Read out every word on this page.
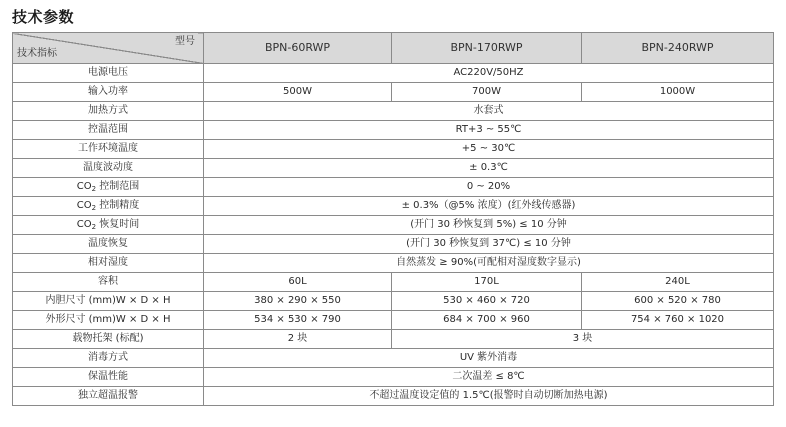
技术参数
型号
技术指标	BPN-60RWP	BPN-170RWP	BPN-240RWP
电源电压	AC220V/50HZ		
输入功率	500W	700W	1000W
加热方式	水套式		
控温范围	RT+3 ~ 55℃		
工作环境温度	+5 ~ 30℃		
温度波动度	± 0.3℃		
$CO_2$ 控制范围	0 ~ 20%		
$CO_2$ 控制精度	± 0.3%（@5% 浓度）(红外线传感器)		
$CO_2$ 恢复时间	(开门 30 秒恢复到 5%) ≤ 10 分钟		
温度恢复	(开门 30 秒恢复到 37℃) ≤ 10 分钟		
相对湿度	自然蒸发 ≥ 90%(可配相对湿度数字显示)		
容积	60L	170L	240L
内胆尺寸 (mm)W × D × H	380 × 290 × 550	530 × 460 × 720	600 × 520 × 780
外形尺寸 (mm)W × D × H	534 × 530 × 790	684 × 700 × 960	754 × 760 × 1020
载物托架 (标配)	2 块	3 块	
消毒方式	UV 紫外消毒		
保温性能	二次温差 ≤ 8℃		
独立超温报警	不超过温度设定值的 1.5℃(报警时自动切断加热电源)		
